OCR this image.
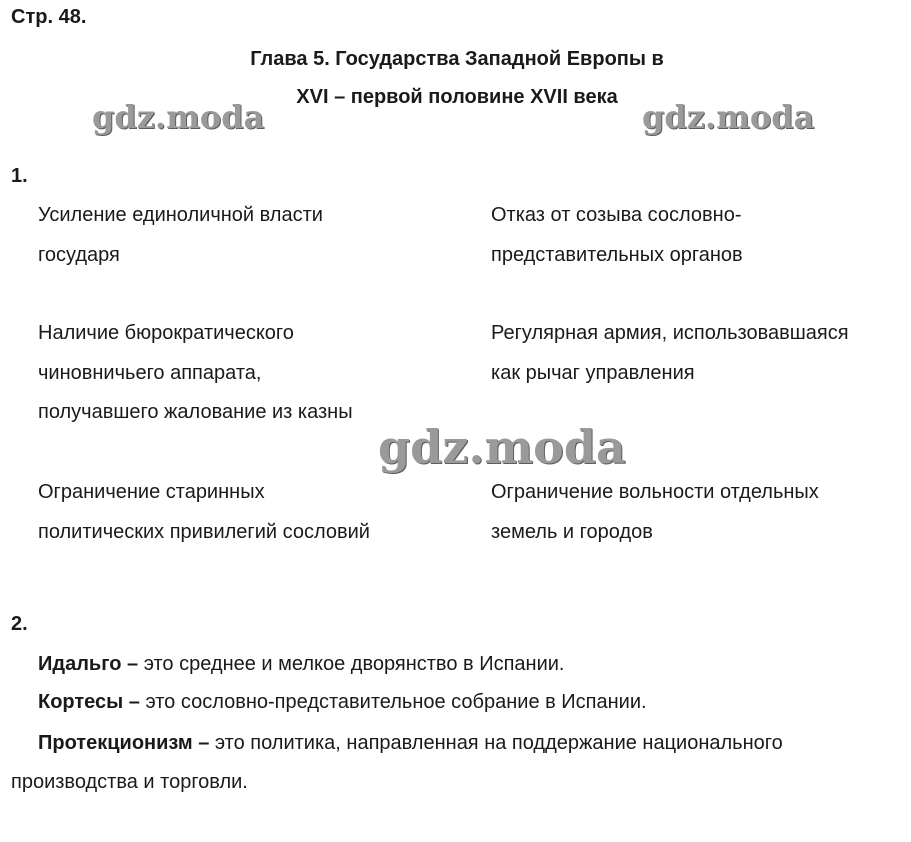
Стр. 48.
Глава 5. Государства Западной Европы в
XVI – первой половине XVII века
gdz.moda	gdz.moda
gdz.moda
1.
Усиление единоличной власти
государя
Отказ от созыва сословно-
представительных органов
Наличие бюрократического
чиновничьего аппарата,
получавшего жалование из казны
Регулярная армия, использовавшаяся
как рычаг управления
Ограничение старинных
политических привилегий сословий
Ограничение вольности отдельных
земель и городов
2.
Идальго – это среднее и мелкое дворянство в Испании.
Кортесы – это сословно-представительное собрание в Испании.
Протекционизм – это политика, направленная на поддержание национального производства и торговли.
